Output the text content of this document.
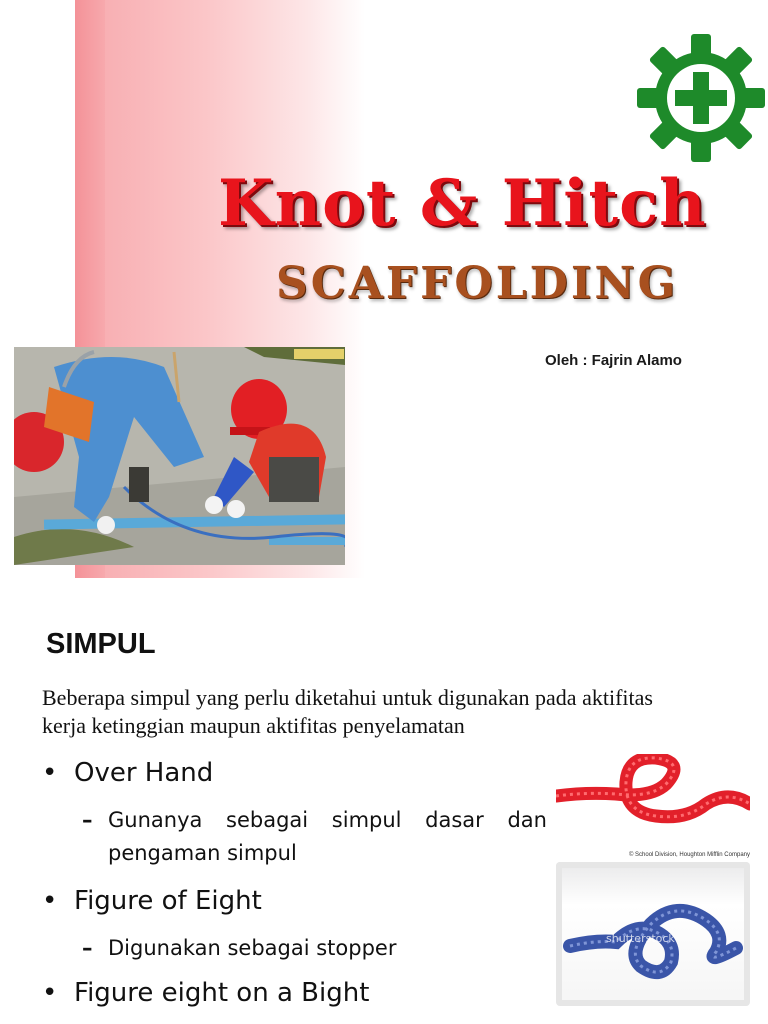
Knot & Hitch
SCAFFOLDING
Oleh : Fajrin Alamo
SIMPUL
Beberapa simpul yang perlu diketahui untuk digunakan pada aktifitas kerja ketinggian maupun aktifitas penyelamatan
• Over Hand
– Gunanya sebagai simpul dasar dan pengaman simpul
• Figure of Eight
– Digunakan sebagai stopper
• Figure eight on a Bight
© School Division, Houghton Mifflin Company
shutterstock
